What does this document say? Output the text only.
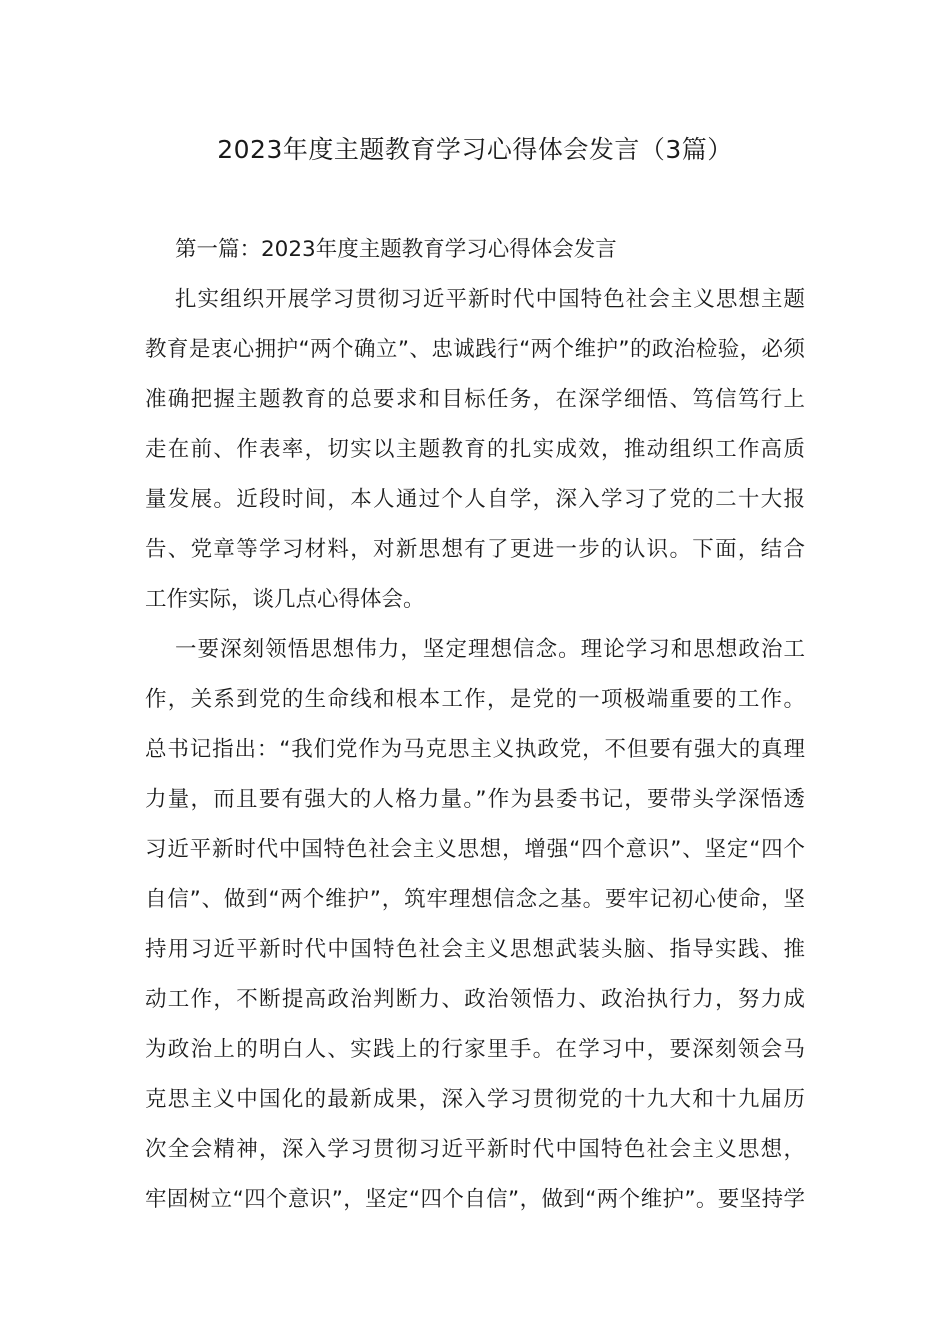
2023年度主题教育学习心得体会发言（3篇）
第一篇：2023年度主题教育学习心得体会发言
扎实组织开展学习贯彻习近平新时代中国特色社会主义思想主题
教育是衷心拥护“两个确立”、忠诚践行“两个维护”的政治检验，必须
准确把握主题教育的总要求和目标任务，在深学细悟、笃信笃行上
走在前、作表率，切实以主题教育的扎实成效，推动组织工作高质
量发展。近段时间，本人通过个人自学，深入学习了党的二十大报
告、党章等学习材料，对新思想有了更进一步的认识。下面，结合
工作实际，谈几点心得体会。
一要深刻领悟思想伟力，坚定理想信念。理论学习和思想政治工
作，关系到党的生命线和根本工作，是党的一项极端重要的工作。
总书记指出：“我们党作为马克思主义执政党，不但要有强大的真理
力量，而且要有强大的人格力量。”作为县委书记，要带头学深悟透
习近平新时代中国特色社会主义思想，增强“四个意识”、坚定“四个
自信”、做到“两个维护”，筑牢理想信念之基。要牢记初心使命，坚
持用习近平新时代中国特色社会主义思想武装头脑、指导实践、推
动工作，不断提高政治判断力、政治领悟力、政治执行力，努力成
为政治上的明白人、实践上的行家里手。在学习中，要深刻领会马
克思主义中国化的最新成果，深入学习贯彻党的十九大和十九届历
次全会精神，深入学习贯彻习近平新时代中国特色社会主义思想，
牢固树立“四个意识”，坚定“四个自信”，做到“两个维护”。要坚持学
